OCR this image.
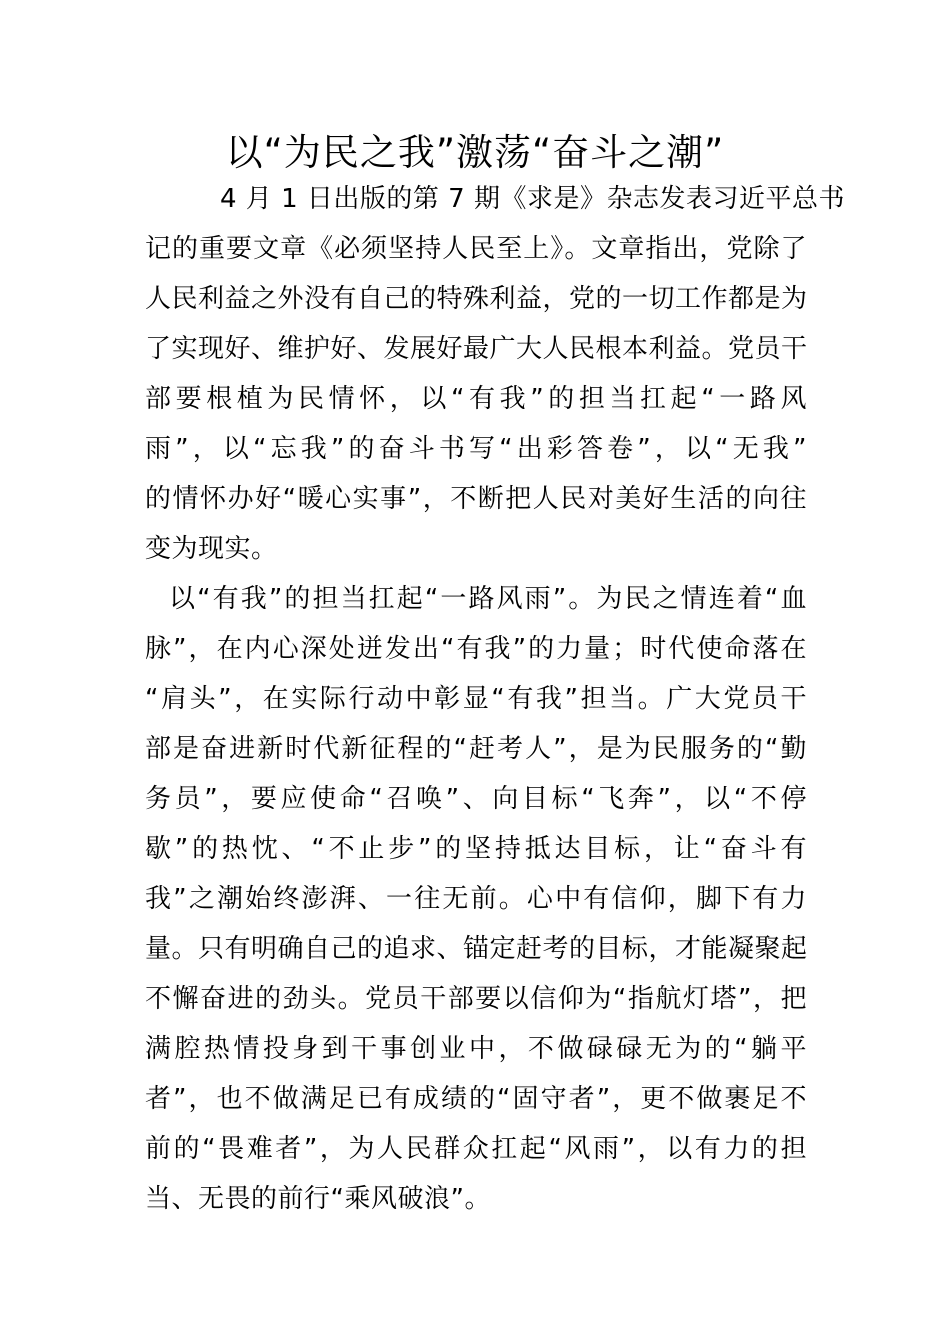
以“为民之我”激荡“奋斗之潮”

4 月 1 日出版的第 7 期《求是》杂志发表习近平总书

记的重要文章《必须坚持人民至上》。文章指出，党除了

人民利益之外没有自己的特殊利益，党的一切工作都是为

了实现好、维护好、发展好最广大人民根本利益。党员干

部要根植为民情怀，以“有我”的担当扛起“一路风

雨”，以“忘我”的奋斗书写“出彩答卷”，以“无我”

的情怀办好“暖心实事”，不断把人民对美好生活的向往

变为现实。

以“有我”的担当扛起“一路风雨”。为民之情连着“血

脉”，在内心深处迸发出“有我”的力量；时代使命落在

“肩头”，在实际行动中彰显“有我”担当。广大党员干

部是奋进新时代新征程的“赶考人”，是为民服务的“勤

务员”，要应使命“召唤”、向目标“飞奔”，以“不停

歇”的热忱、“不止步”的坚持抵达目标，让“奋斗有

我”之潮始终澎湃、一往无前。心中有信仰，脚下有力

量。只有明确自己的追求、锚定赶考的目标，才能凝聚起

不懈奋进的劲头。党员干部要以信仰为“指航灯塔”，把

满腔热情投身到干事创业中，不做碌碌无为的“躺平

者”，也不做满足已有成绩的“固守者”，更不做裹足不

前的“畏难者”，为人民群众扛起“风雨”，以有力的担

当、无畏的前行“乘风破浪”。
